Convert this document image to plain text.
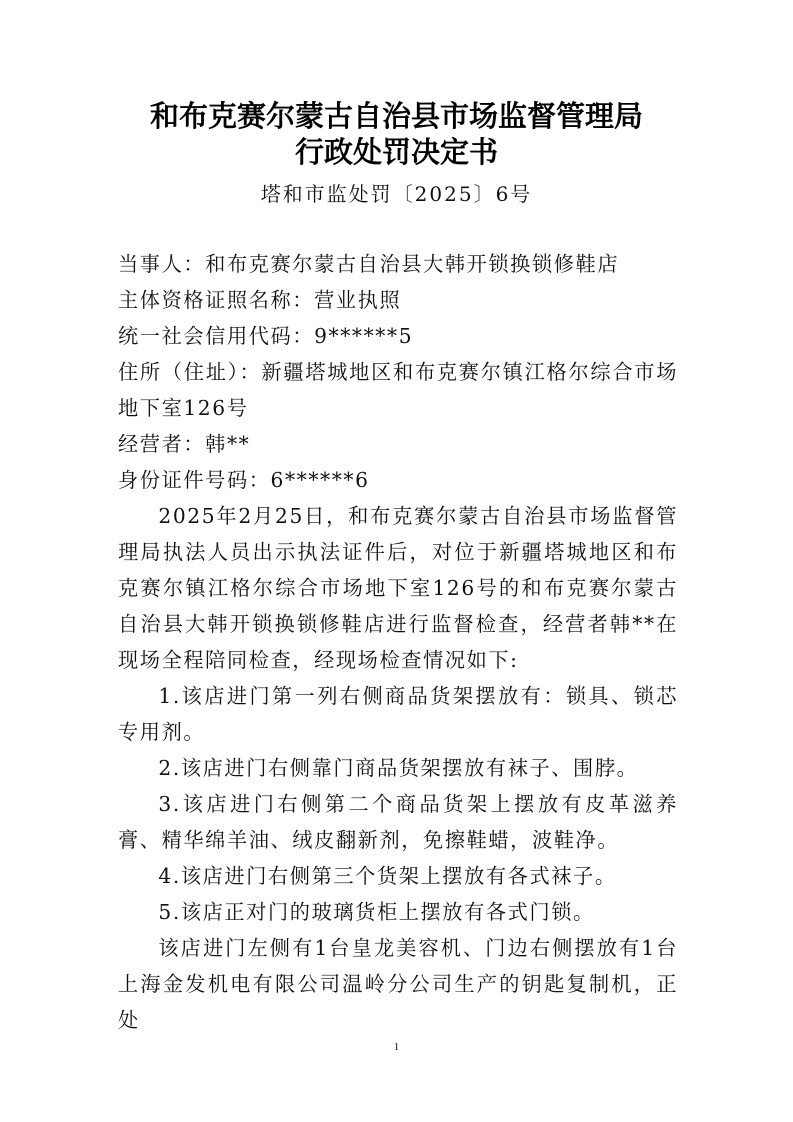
和布克赛尔蒙古自治县市场监督管理局
行政处罚决定书
塔和市监处罚〔2025〕6号

当事人：和布克赛尔蒙古自治县大韩开锁换锁修鞋店

主体资格证照名称：营业执照

统一社会信用代码：9******5

住所（住址）：新疆塔城地区和布克赛尔镇江格尔综合市场地下室126号

经营者：韩**

身份证件号码：6******6

2025年2月25日，和布克赛尔蒙古自治县市场监督管理局执法人员出示执法证件后，对位于新疆塔城地区和布克赛尔镇江格尔综合市场地下室126号的和布克赛尔蒙古自治县大韩开锁换锁修鞋店进行监督检查，经营者韩**在现场全程陪同检查，经现场检查情况如下:

1.该店进门第一列右侧商品货架摆放有：锁具、锁芯专用剂。

2.该店进门右侧靠门商品货架摆放有袜子、围脖。

3.该店进门右侧第二个商品货架上摆放有皮革滋养膏、精华绵羊油、绒皮翻新剂，免擦鞋蜡，波鞋净。

4.该店进门右侧第三个货架上摆放有各式袜子。

5.该店正对门的玻璃货柜上摆放有各式门锁。

该店进门左侧有1台皇龙美容机、门边右侧摆放有1台上海金发机电有限公司温岭分公司生产的钥匙复制机，正处

1
